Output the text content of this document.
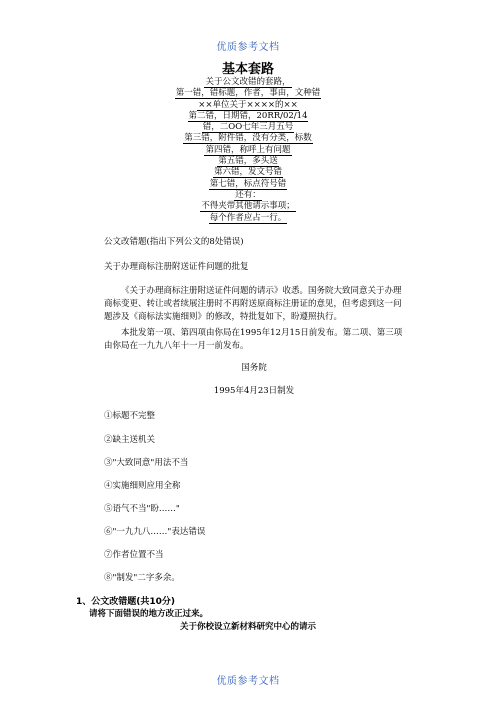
优质参考文档
基本套路
关于公文改错的套路，
第一错，错标题，作者，事由，文种错
××单位关于××××的××
第二错，日期错，20RR/02/14
错，二OO七年三月五号
第三错，附件错，没有分类，标数
第四错，称呼上有问题
第五错，多头送
第六错，发文号错
第七错，标点符号错
还有：
不得夹带其他请示事项；
每个作者应占一行。
公文改错题(指出下列公文的8处错误)
关于办理商标注册附送证件问题的批复
《关于办理商标注册附送证件问题的请示》收悉。国务院大致同意关于办理商标变更、转让或者续展注册时不再附送原商标注册证的意见，但考虑到这一问题涉及《商标法实施细则》的修改，特批复如下，盼遵照执行。
本批发第一项、第四项由你局在1995年12月15日前发布。第二项、第三项由你局在一九九八年十一月一前发布。
国务院
1995年4月23日制发
①标题不完整
②缺主送机关
③"大致同意"用法不当
④实施细则应用全称
⑤语气不当"盼……"
⑥"一九九八……"表达错误
⑦作者位置不当
⑧"制发"二字多余。
1、公文改错题(共10分)
请将下面错误的地方改正过来。
关于你校设立新材料研究中心的请示
优质参考文档
